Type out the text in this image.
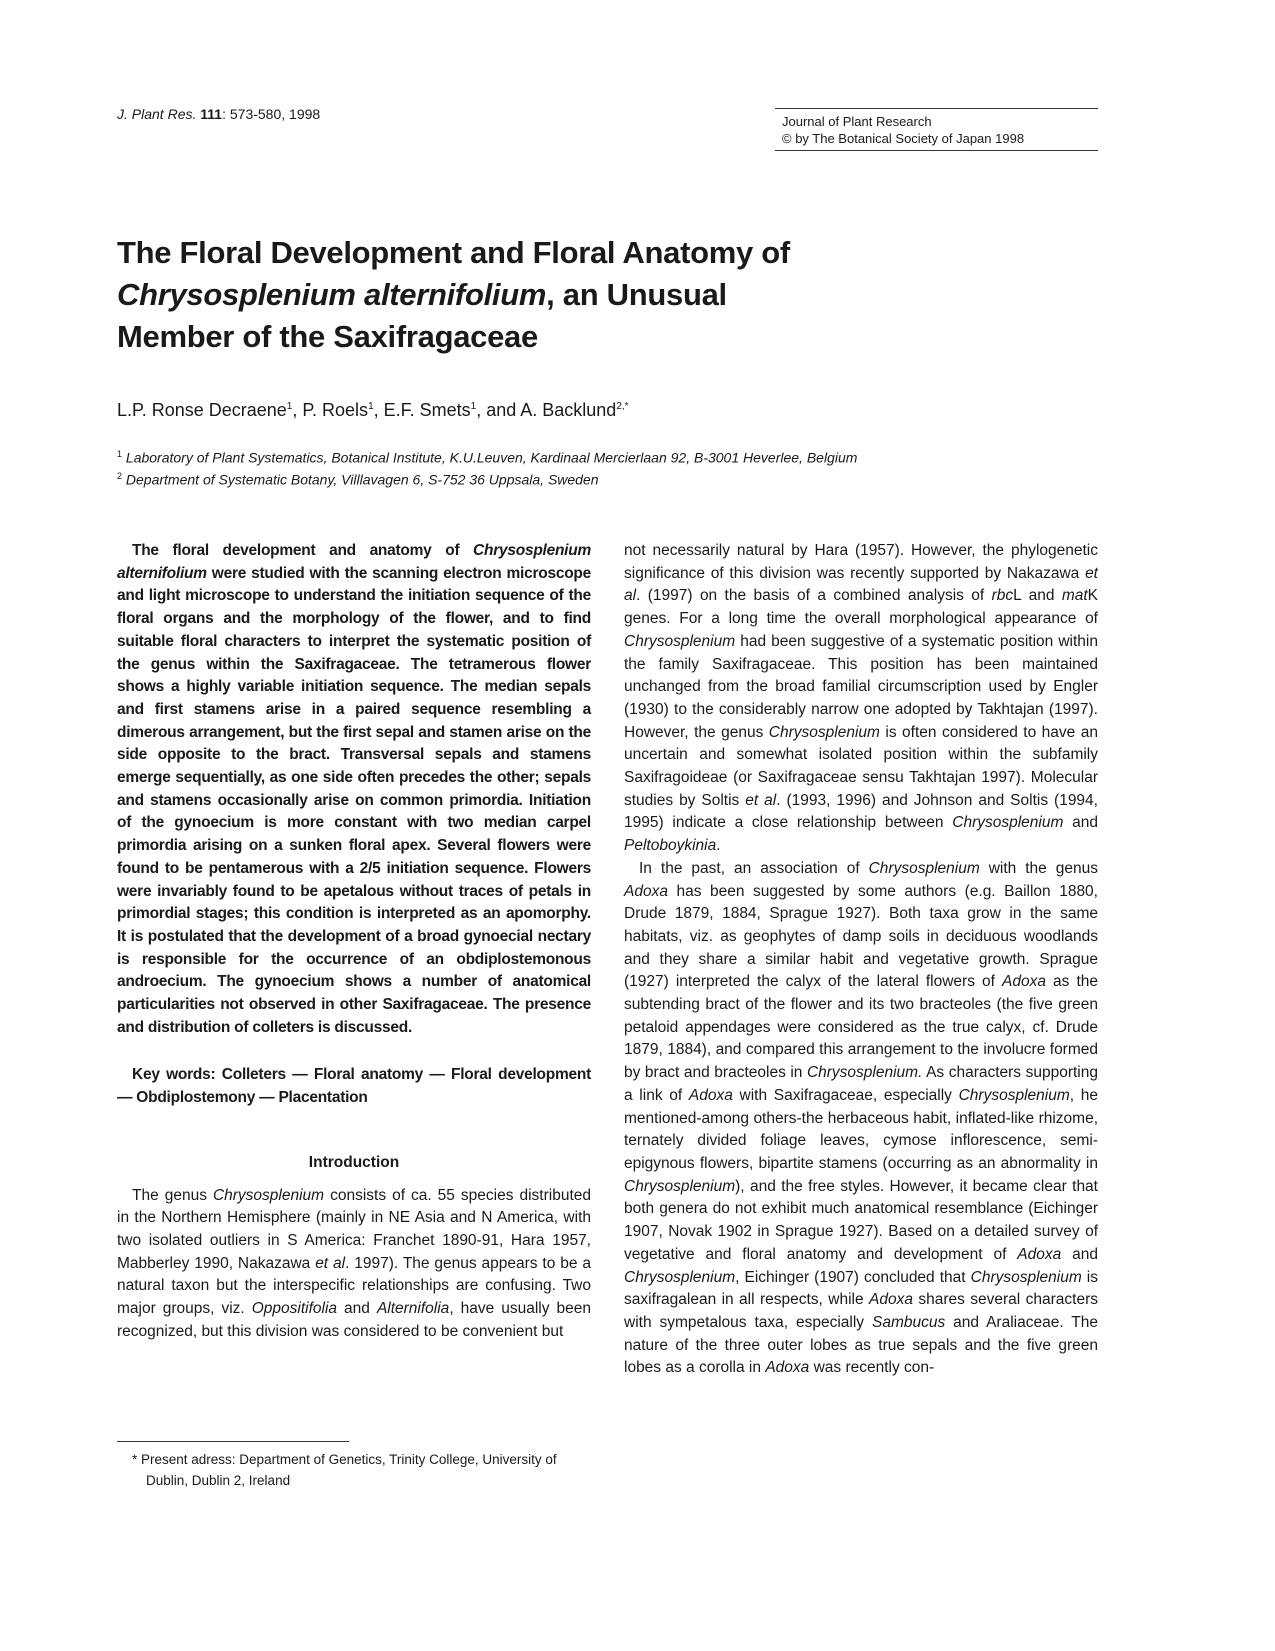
J. Plant Res. 111: 573-580, 1998	Journal of Plant Research
© by The Botanical Society of Japan 1998
The Floral Development and Floral Anatomy of
Chrysosplenium alternifolium, an Unusual
Member of the Saxifragaceae
L.P. Ronse Decraene$^1$, P. Roels$^1$, E.F. Smets$^1$, and A. Backlund$^{2,*}$
$^1$ Laboratory of Plant Systematics, Botanical Institute, K.U.Leuven, Kardinaal Mercierlaan 92, B-3001 Heverlee, Belgium
$^2$ Department of Systematic Botany, Villlavagen 6, S-752 36 Uppsala, Sweden

The floral development and anatomy of Chrysosplenium alternifolium were studied with the scanning electron microscope and light microscope to understand the initiation sequence of the floral organs and the morphology of the flower, and to find suitable floral characters to interpret the systematic position of the genus within the Saxifragaceae. The tetramerous flower shows a highly variable initiation sequence. The median sepals and first stamens arise in a paired sequence resembling a dimerous arrangement, but the first sepal and stamen arise on the side opposite to the bract. Transversal sepals and stamens emerge sequentially, as one side often precedes the other; sepals and stamens occasionally arise on common primordia. Initiation of the gynoecium is more constant with two median carpel primordia arising on a sunken floral apex. Several flowers were found to be pentamerous with a 2/5 initiation sequence. Flowers were invariably found to be apetalous without traces of petals in primordial stages; this condition is interpreted as an apomorphy. It is postulated that the development of a broad gynoecial nectary is responsible for the occurrence of an obdiplostemonous androecium. The gynoecium shows a number of anatomical particularities not observed in other Saxifragaceae. The presence and distribution of colleters is discussed.

Key words: Colleters — Floral anatomy — Floral development — Obdiplostemony — Placentation

Introduction

The genus Chrysosplenium consists of ca. 55 species distributed in the Northern Hemisphere (mainly in NE Asia and N America, with two isolated outliers in S America: Franchet 1890-91, Hara 1957, Mabberley 1990, Nakazawa et al. 1997). The genus appears to be a natural taxon but the interspecific relationships are confusing. Two major groups, viz. Oppositifolia and Alternifolia, have usually been recognized, but this division was considered to be convenient but

not necessarily natural by Hara (1957). However, the phylogenetic significance of this division was recently supported by Nakazawa et al. (1997) on the basis of a combined analysis of rbcL and matK genes. For a long time the overall morphological appearance of Chrysosplenium had been suggestive of a systematic position within the family Saxifragaceae. This position has been maintained unchanged from the broad familial circumscription used by Engler (1930) to the considerably narrow one adopted by Takhtajan (1997). However, the genus Chrysosplenium is often considered to have an uncertain and somewhat isolated position within the subfamily Saxifragoideae (or Saxifragaceae sensu Takhtajan 1997). Molecular studies by Soltis et al. (1993, 1996) and Johnson and Soltis (1994, 1995) indicate a close relationship between Chrysosplenium and Peltoboykinia.

In the past, an association of Chrysosplenium with the genus Adoxa has been suggested by some authors (e.g. Baillon 1880, Drude 1879, 1884, Sprague 1927). Both taxa grow in the same habitats, viz. as geophytes of damp soils in deciduous woodlands and they share a similar habit and vegetative growth. Sprague (1927) interpreted the calyx of the lateral flowers of Adoxa as the subtending bract of the flower and its two bracteoles (the five green petaloid appendages were considered as the true calyx, cf. Drude 1879, 1884), and compared this arrangement to the involucre formed by bract and bracteoles in Chrysosplenium. As characters supporting a link of Adoxa with Saxifragaceae, especially Chrysosplenium, he mentioned-among others-the herbaceous habit, inflated-like rhizome, ternately divided foliage leaves, cymose inflorescence, semi-epigynous flowers, bipartite stamens (occurring as an abnormality in Chrysosplenium), and the free styles. However, it became clear that both genera do not exhibit much anatomical resemblance (Eichinger 1907, Novak 1902 in Sprague 1927). Based on a detailed survey of vegetative and floral anatomy and development of Adoxa and Chrysosplenium, Eichinger (1907) concluded that Chrysosplenium is saxifragalean in all respects, while Adoxa shares several characters with sympetalous taxa, especially Sambucus and Araliaceae. The nature of the three outer lobes as true sepals and the five green lobes as a corolla in Adoxa was recently con-

* Present adress: Department of Genetics, Trinity College, University of Dublin, Dublin 2, Ireland
